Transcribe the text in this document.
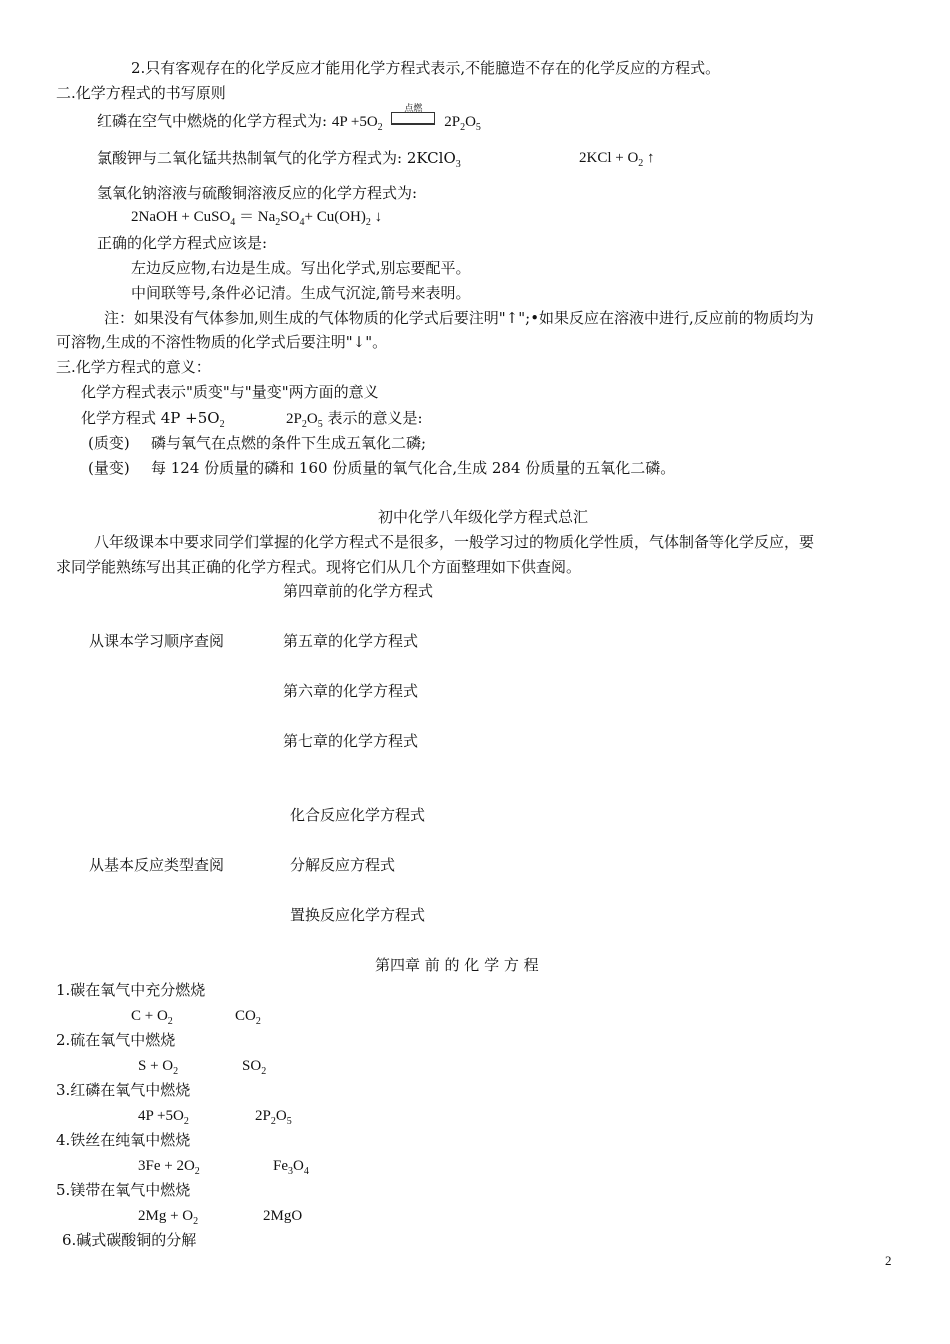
2.只有客观存在的化学反应才能用化学方程式表示,不能臆造不存在的化学反应的方程式。
二.化学方程式的书写原则
红磷在空气中燃烧的化学方程式为: $4P +5O_2$
点燃
$2P_2O_5$
氯酸钾与二氧化锰共热制氧气的化学方程式为: 2KClO$_3$	$2KCl + O_2$ ↑
氢氧化钠溶液与硫酸铜溶液反应的化学方程式为:
2NaOH + CuSO$_4$ ＝ $Na_2SO_4+ Cu(OH)_2$ ↓
正确的化学方程式应该是:
左边反应物,右边是生成。写出化学式,别忘要配平。
中间联等号,条件必记清。生成气沉淀,箭号来表明。
注：如果没有气体参加,则生成的气体物质的化学式后要注明"↑";•如果反应在溶液中进行,反应前的物质均为
可溶物,生成的不溶性物质的化学式后要注明"↓"。
三.化学方程式的意义：
化学方程式表示"质变"与"量变"两方面的意义
化学方程式 $4P +5O_2$	$2P_2O_5$ 表示的意义是:
(质变) 磷与氧气在点燃的条件下生成五氧化二磷;
(量变) 每 124 份质量的磷和 160 份质量的氧气化合,生成 284 份质量的五氧化二磷。
初中化学八年级化学方程式总汇
八年级课本中要求同学们掌握的化学方程式不是很多，一般学习过的物质化学性质，气体制备等化学反应，要
求同学能熟练写出其正确的化学方程式。现将它们从几个方面整理如下供查阅。
第四章前的化学方程式
从课本学习顺序查阅	第五章的化学方程式
第六章的化学方程式
第七章的化学方程式
化合反应化学方程式
从基本反应类型查阅	分解反应方程式
置换反应化学方程式
第四章 前 的 化 学 方 程
1.碳在氧气中充分燃烧
$C + O_2$	$CO_2$
2.硫在氧气中燃烧
$S + O_2$	$SO_2$
3.红磷在氧气中燃烧
$4P +5O_2$	$2P_2O_5$
4.铁丝在纯氧中燃烧
$3Fe + 2O_2$	$Fe_3O_4$
5.镁带在氧气中燃烧
$2Mg + O_2$	2MgO
6.碱式碳酸铜的分解
2
